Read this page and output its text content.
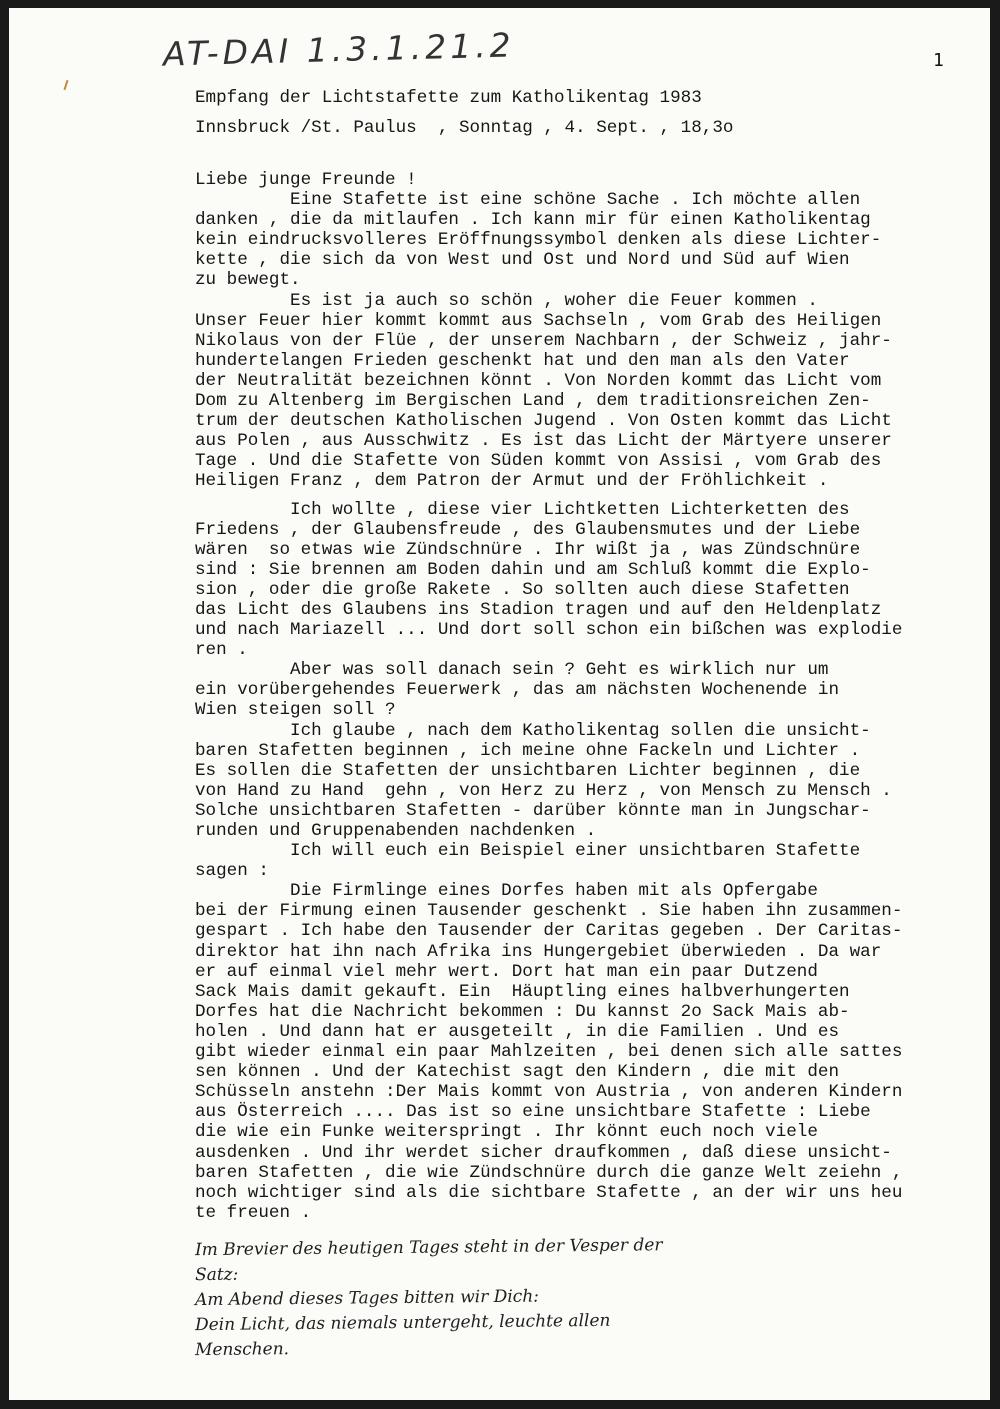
AT-DAI 1.3.1.21.2	1
Empfang der Lichtstafette zum Katholikentag 1983
Innsbruck /St. Paulus  , Sonntag , 4. Sept. , 18,3o
Liebe junge Freunde !
Eine Stafette ist eine schöne Sache . Ich möchte allen
danken , die da mitlaufen . Ich kann mir für einen Katholikentag
kein eindrucksvolleres Eröffnungssymbol denken als diese Lichter-
kette , die sich da von West und Ost und Nord und Süd auf Wien
zu bewegt.
Es ist ja auch so schön , woher die Feuer kommen .
Unser Feuer hier kommt kommt aus Sachseln , vom Grab des Heiligen
Nikolaus von der Flüe , der unserem Nachbarn , der Schweiz , jahr-
hundertelangen Frieden geschenkt hat und den man als den Vater
der Neutralität bezeichnen könnt . Von Norden kommt das Licht vom
Dom zu Altenberg im Bergischen Land , dem traditionsreichen Zen-
trum der deutschen Katholischen Jugend . Von Osten kommt das Licht
aus Polen , aus Ausschwitz . Es ist das Licht der Märtyere unserer
Tage . Und die Stafette von Süden kommt von Assisi , vom Grab des
Heiligen Franz , dem Patron der Armut und der Fröhlichkeit .
Ich wollte , diese vier Lichtketten Lichterketten des
Friedens , der Glaubensfreude , des Glaubensmutes und der Liebe
wären  so etwas wie Zündschnüre . Ihr wißt ja , was Zündschnüre
sind : Sie brennen am Boden dahin und am Schluß kommt die Explo-
sion , oder die große Rakete . So sollten auch diese Stafetten
das Licht des Glaubens ins Stadion tragen und auf den Heldenplatz
und nach Mariazell ... Und dort soll schon ein bißchen was explodie
ren .
Aber was soll danach sein ? Geht es wirklich nur um
ein vorübergehendes Feuerwerk , das am nächsten Wochenende in
Wien steigen soll ?
Ich glaube , nach dem Katholikentag sollen die unsicht-
baren Stafetten beginnen , ich meine ohne Fackeln und Lichter .
Es sollen die Stafetten der unsichtbaren Lichter beginnen , die
von Hand zu Hand  gehn , von Herz zu Herz , von Mensch zu Mensch .
Solche unsichtbaren Stafetten - darüber könnte man in Jungschar-
runden und Gruppenabenden nachdenken .
Ich will euch ein Beispiel einer unsichtbaren Stafette
sagen :
Die Firmlinge eines Dorfes haben mit als Opfergabe
bei der Firmung einen Tausender geschenkt . Sie haben ihn zusammen-
gespart . Ich habe den Tausender der Caritas gegeben . Der Caritas-
direktor hat ihn nach Afrika ins Hungergebiet überwieden . Da war
er auf einmal viel mehr wert. Dort hat man ein paar Dutzend
Sack Mais damit gekauft. Ein  Häuptling eines halbverhungerten
Dorfes hat die Nachricht bekommen : Du kannst 2o Sack Mais ab-
holen . Und dann hat er ausgeteilt , in die Familien . Und es
gibt wieder einmal ein paar Mahlzeiten , bei denen sich alle sattes
sen können . Und der Katechist sagt den Kindern , die mit den
Schüsseln anstehn :Der Mais kommt von Austria , von anderen Kindern
aus Österreich .... Das ist so eine unsichtbare Stafette : Liebe
die wie ein Funke weiterspringt . Ihr könnt euch noch viele
ausdenken . Und ihr werdet sicher draufkommen , daß diese unsicht-
baren Stafetten , die wie Zündschnüre durch die ganze Welt zeiehn ,
noch wichtiger sind als die sichtbare Stafette , an der wir uns heu
te freuen .
Im Brevier des heutigen Tages steht in der Vesper der
Satz:
Am Abend dieses Tages bitten wir Dich:
Dein Licht, das niemals untergeht, leuchte allen
Menschen.
